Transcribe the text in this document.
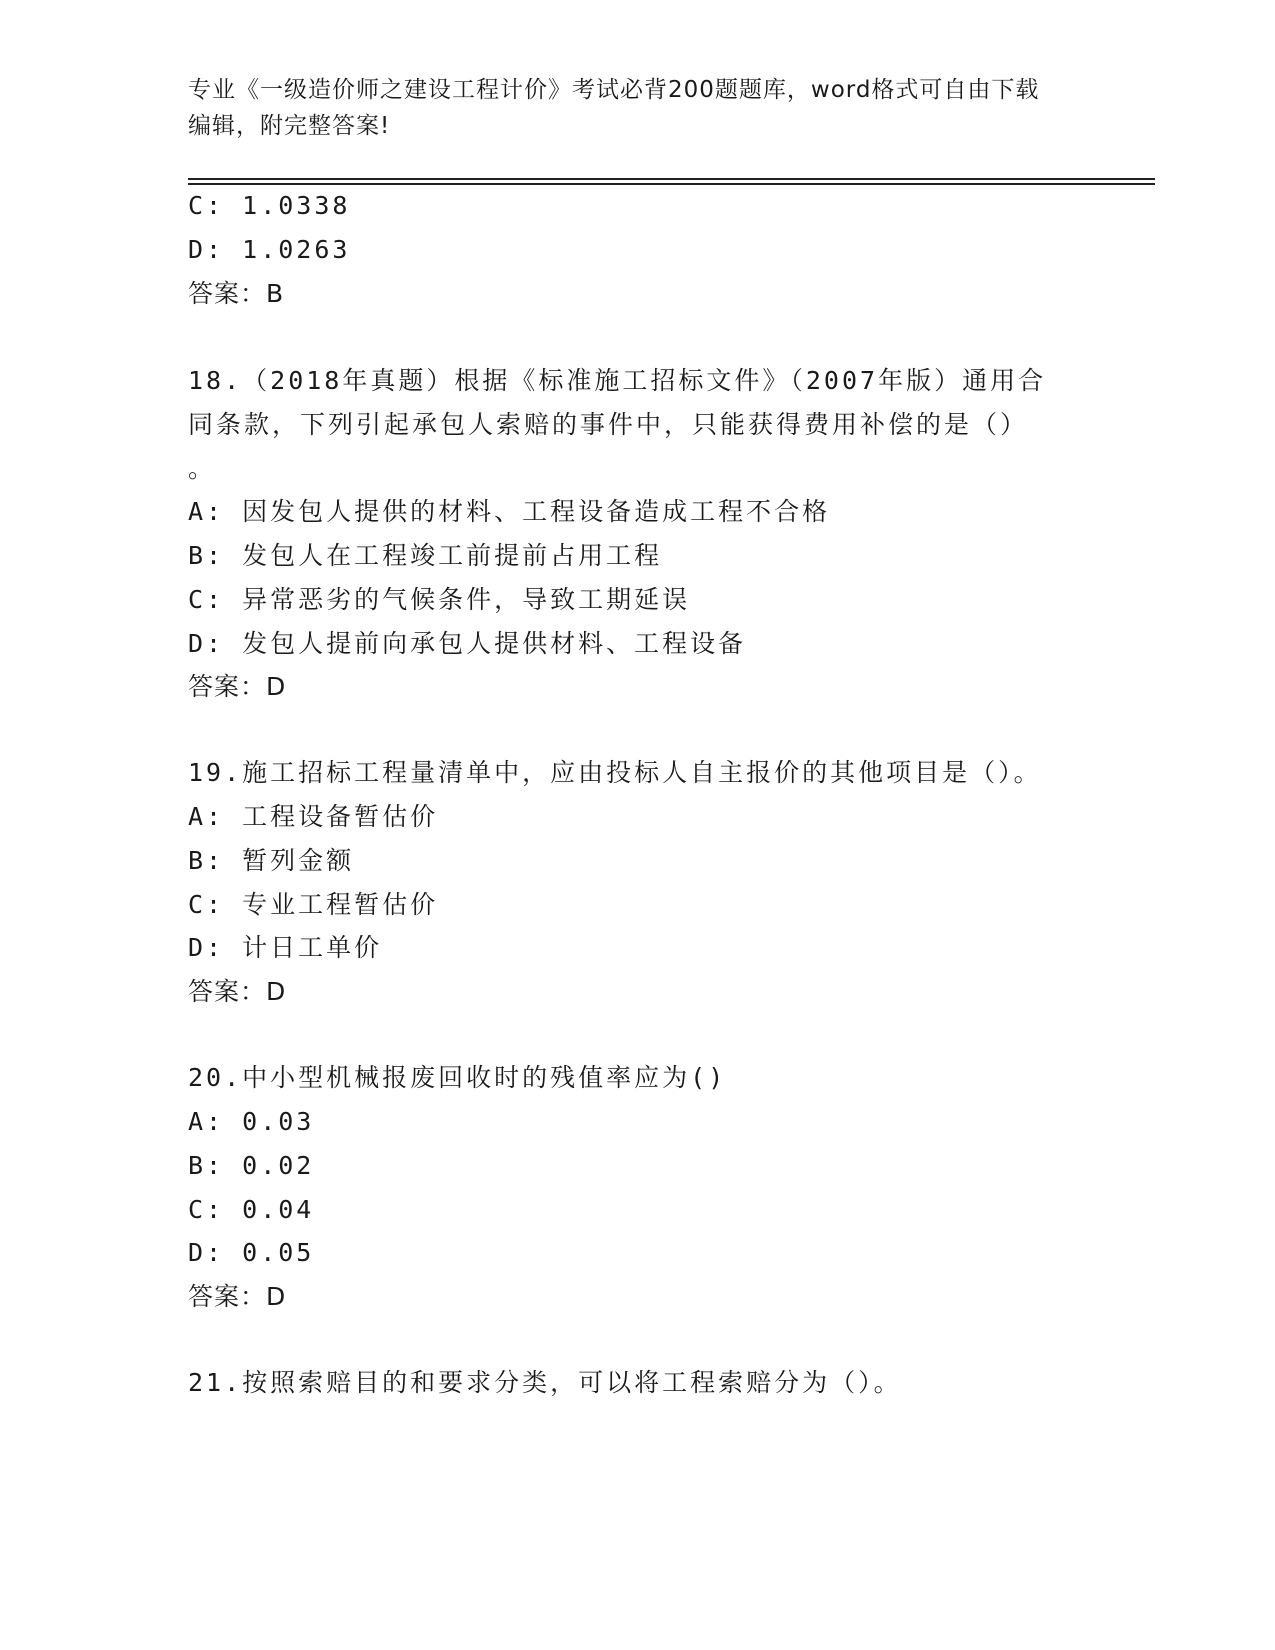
专业《一级造价师之建设工程计价》考试必背200题题库，word格式可自由下载
编辑，附完整答案!
C: 1.0338
D: 1.0263
答案：B
18.（2018年真题）根据《标准施工招标文件》（2007年版）通用合
同条款，下列引起承包人索赔的事件中，只能获得费用补偿的是（）
。
A: 因发包人提供的材料、工程设备造成工程不合格
B: 发包人在工程竣工前提前占用工程
C: 异常恶劣的气候条件，导致工期延误
D: 发包人提前向承包人提供材料、工程设备
答案：D
19.施工招标工程量清单中，应由投标人自主报价的其他项目是（）。
A: 工程设备暂估价
B: 暂列金额
C: 专业工程暂估价
D: 计日工单价
答案：D
20.中小型机械报废回收时的残值率应为()
A: 0.03
B: 0.02
C: 0.04
D: 0.05
答案：D
21.按照索赔目的和要求分类，可以将工程索赔分为（）。
